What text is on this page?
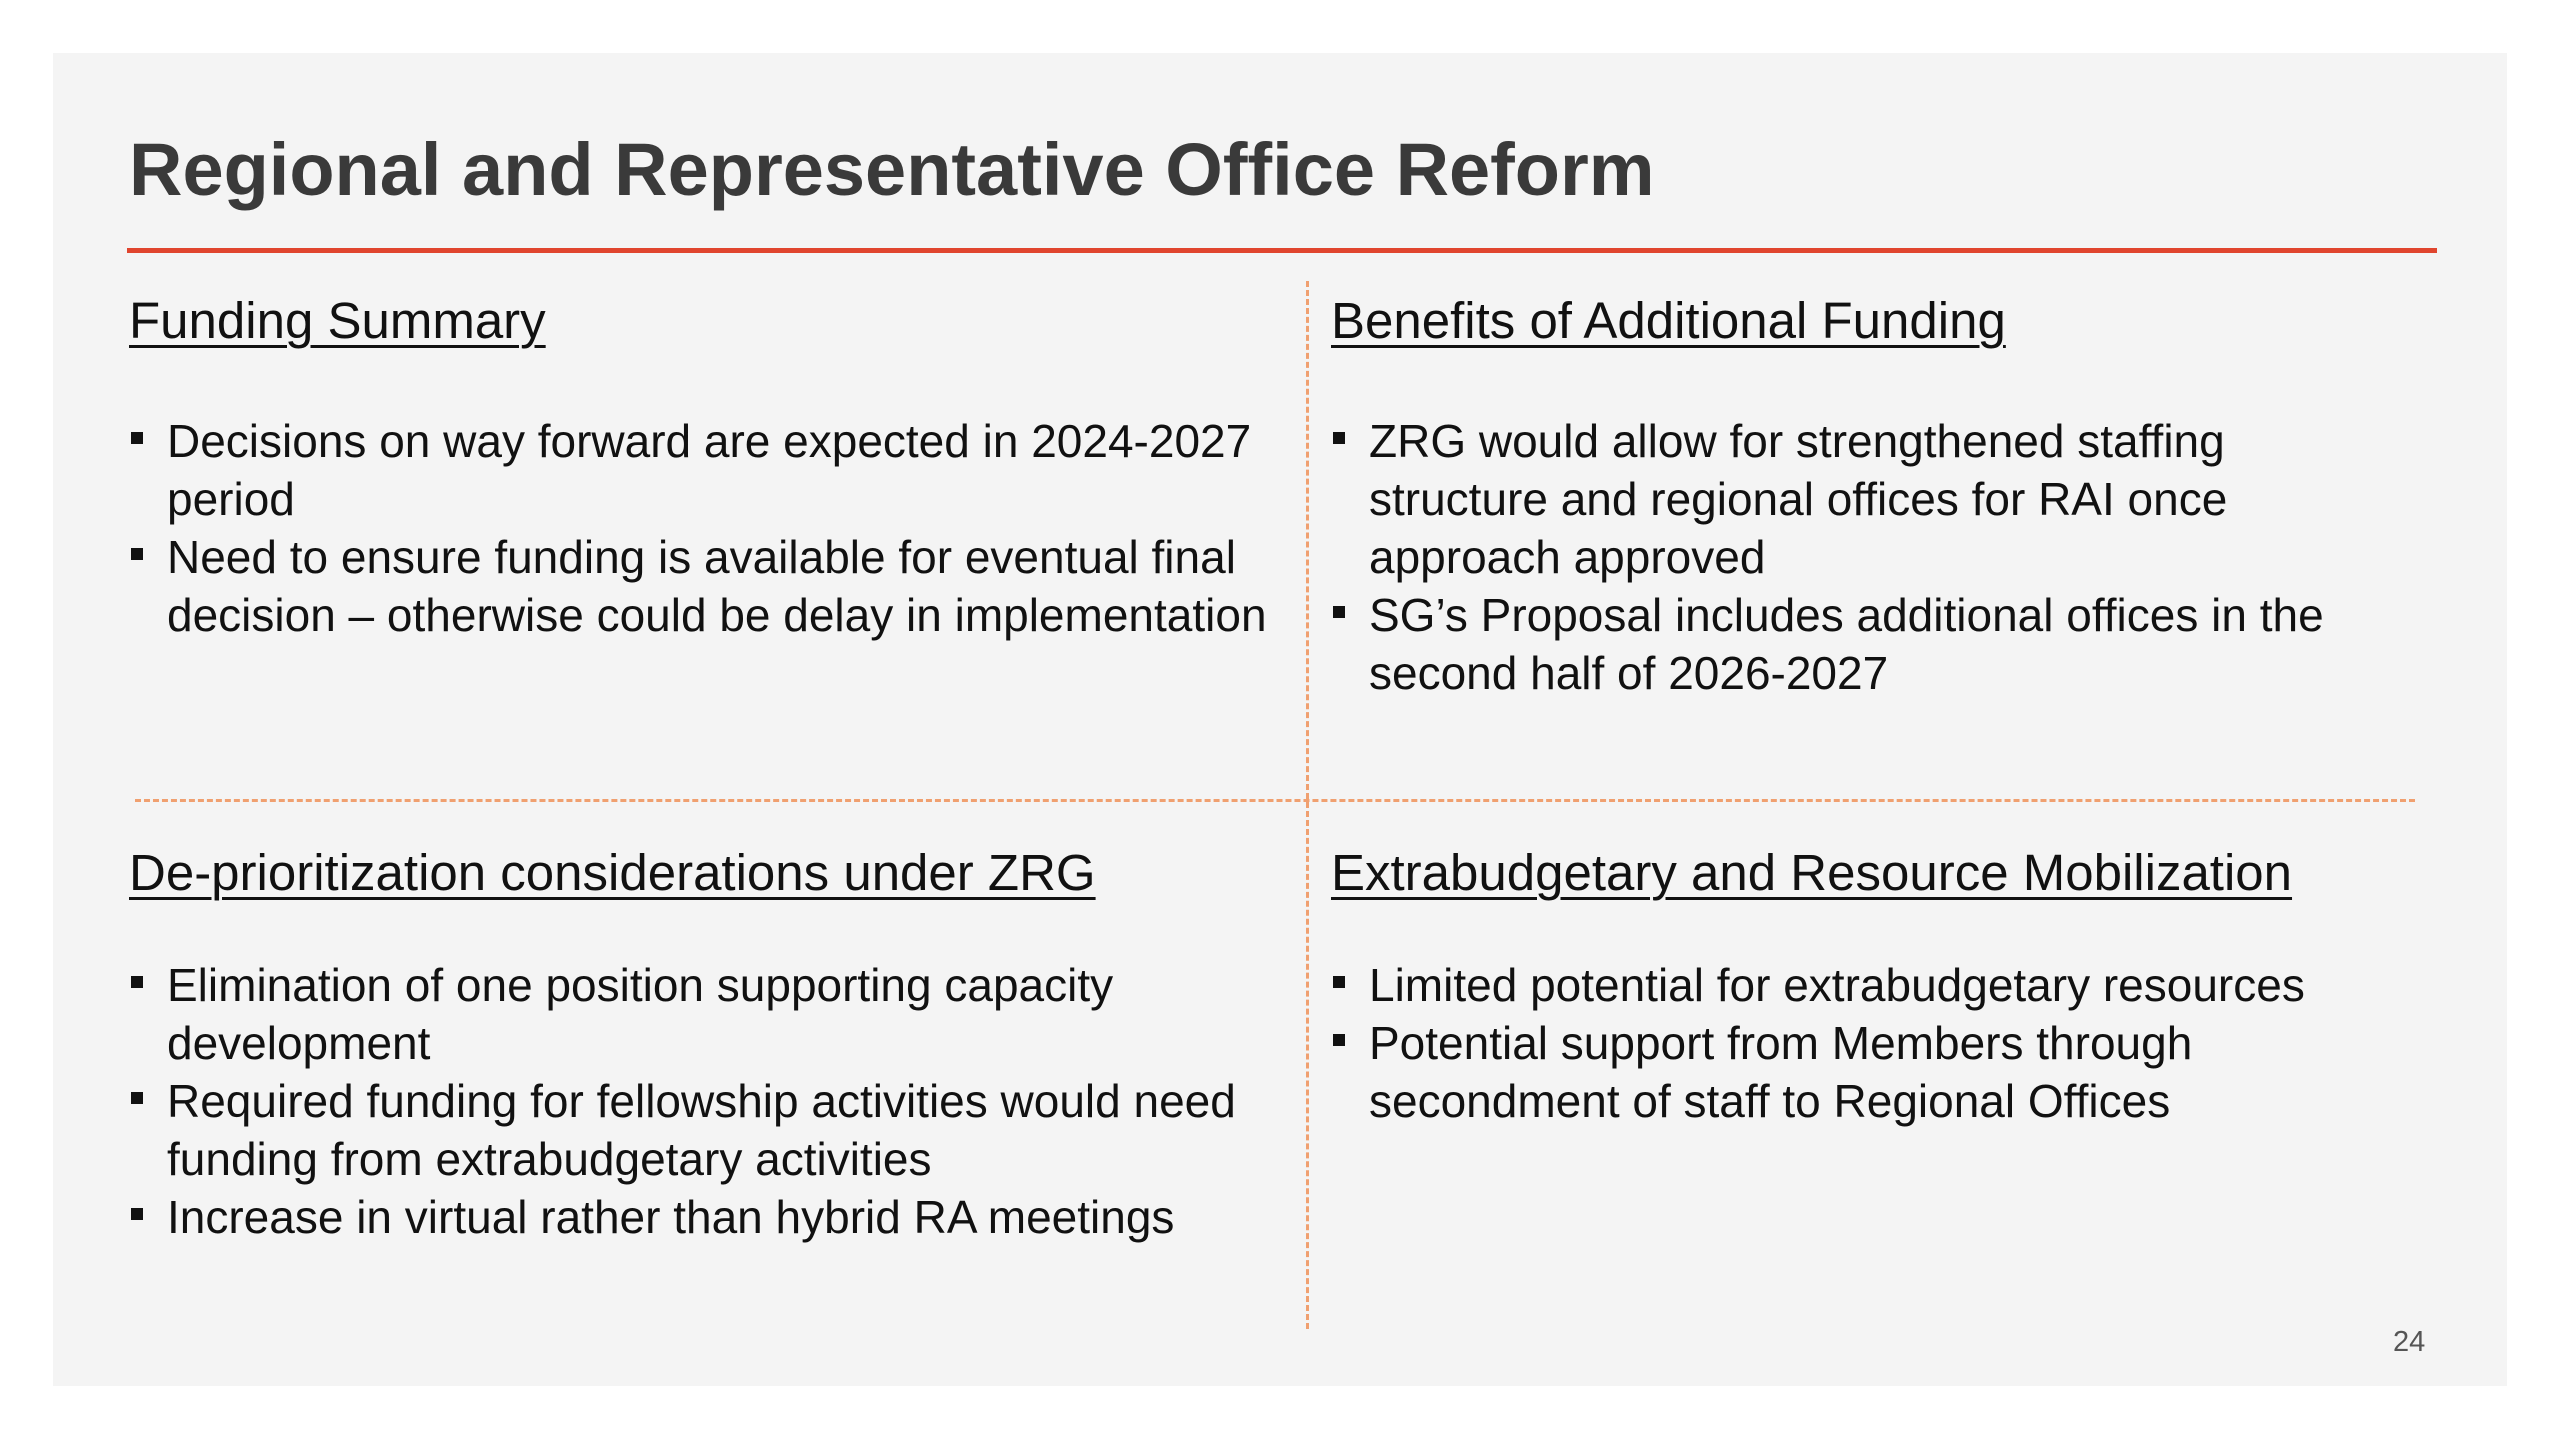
Regional and Representative Office Reform
Funding Summary
Decisions on way forward are expected in 2024-2027 period
Need to ensure funding is available for eventual final decision – otherwise could be delay in implementation
Benefits of Additional Funding
ZRG would allow for strengthened staffing structure and regional offices for RAI once approach approved
SG’s Proposal includes additional offices in the second half of 2026-2027
De-prioritization considerations under ZRG
Elimination of one position supporting capacity development
Required funding for fellowship activities would need funding from extrabudgetary activities
Increase in virtual rather than hybrid RA meetings
Extrabudgetary and Resource Mobilization
Limited potential for extrabudgetary resources
Potential support from Members through secondment of staff to Regional Offices
24
